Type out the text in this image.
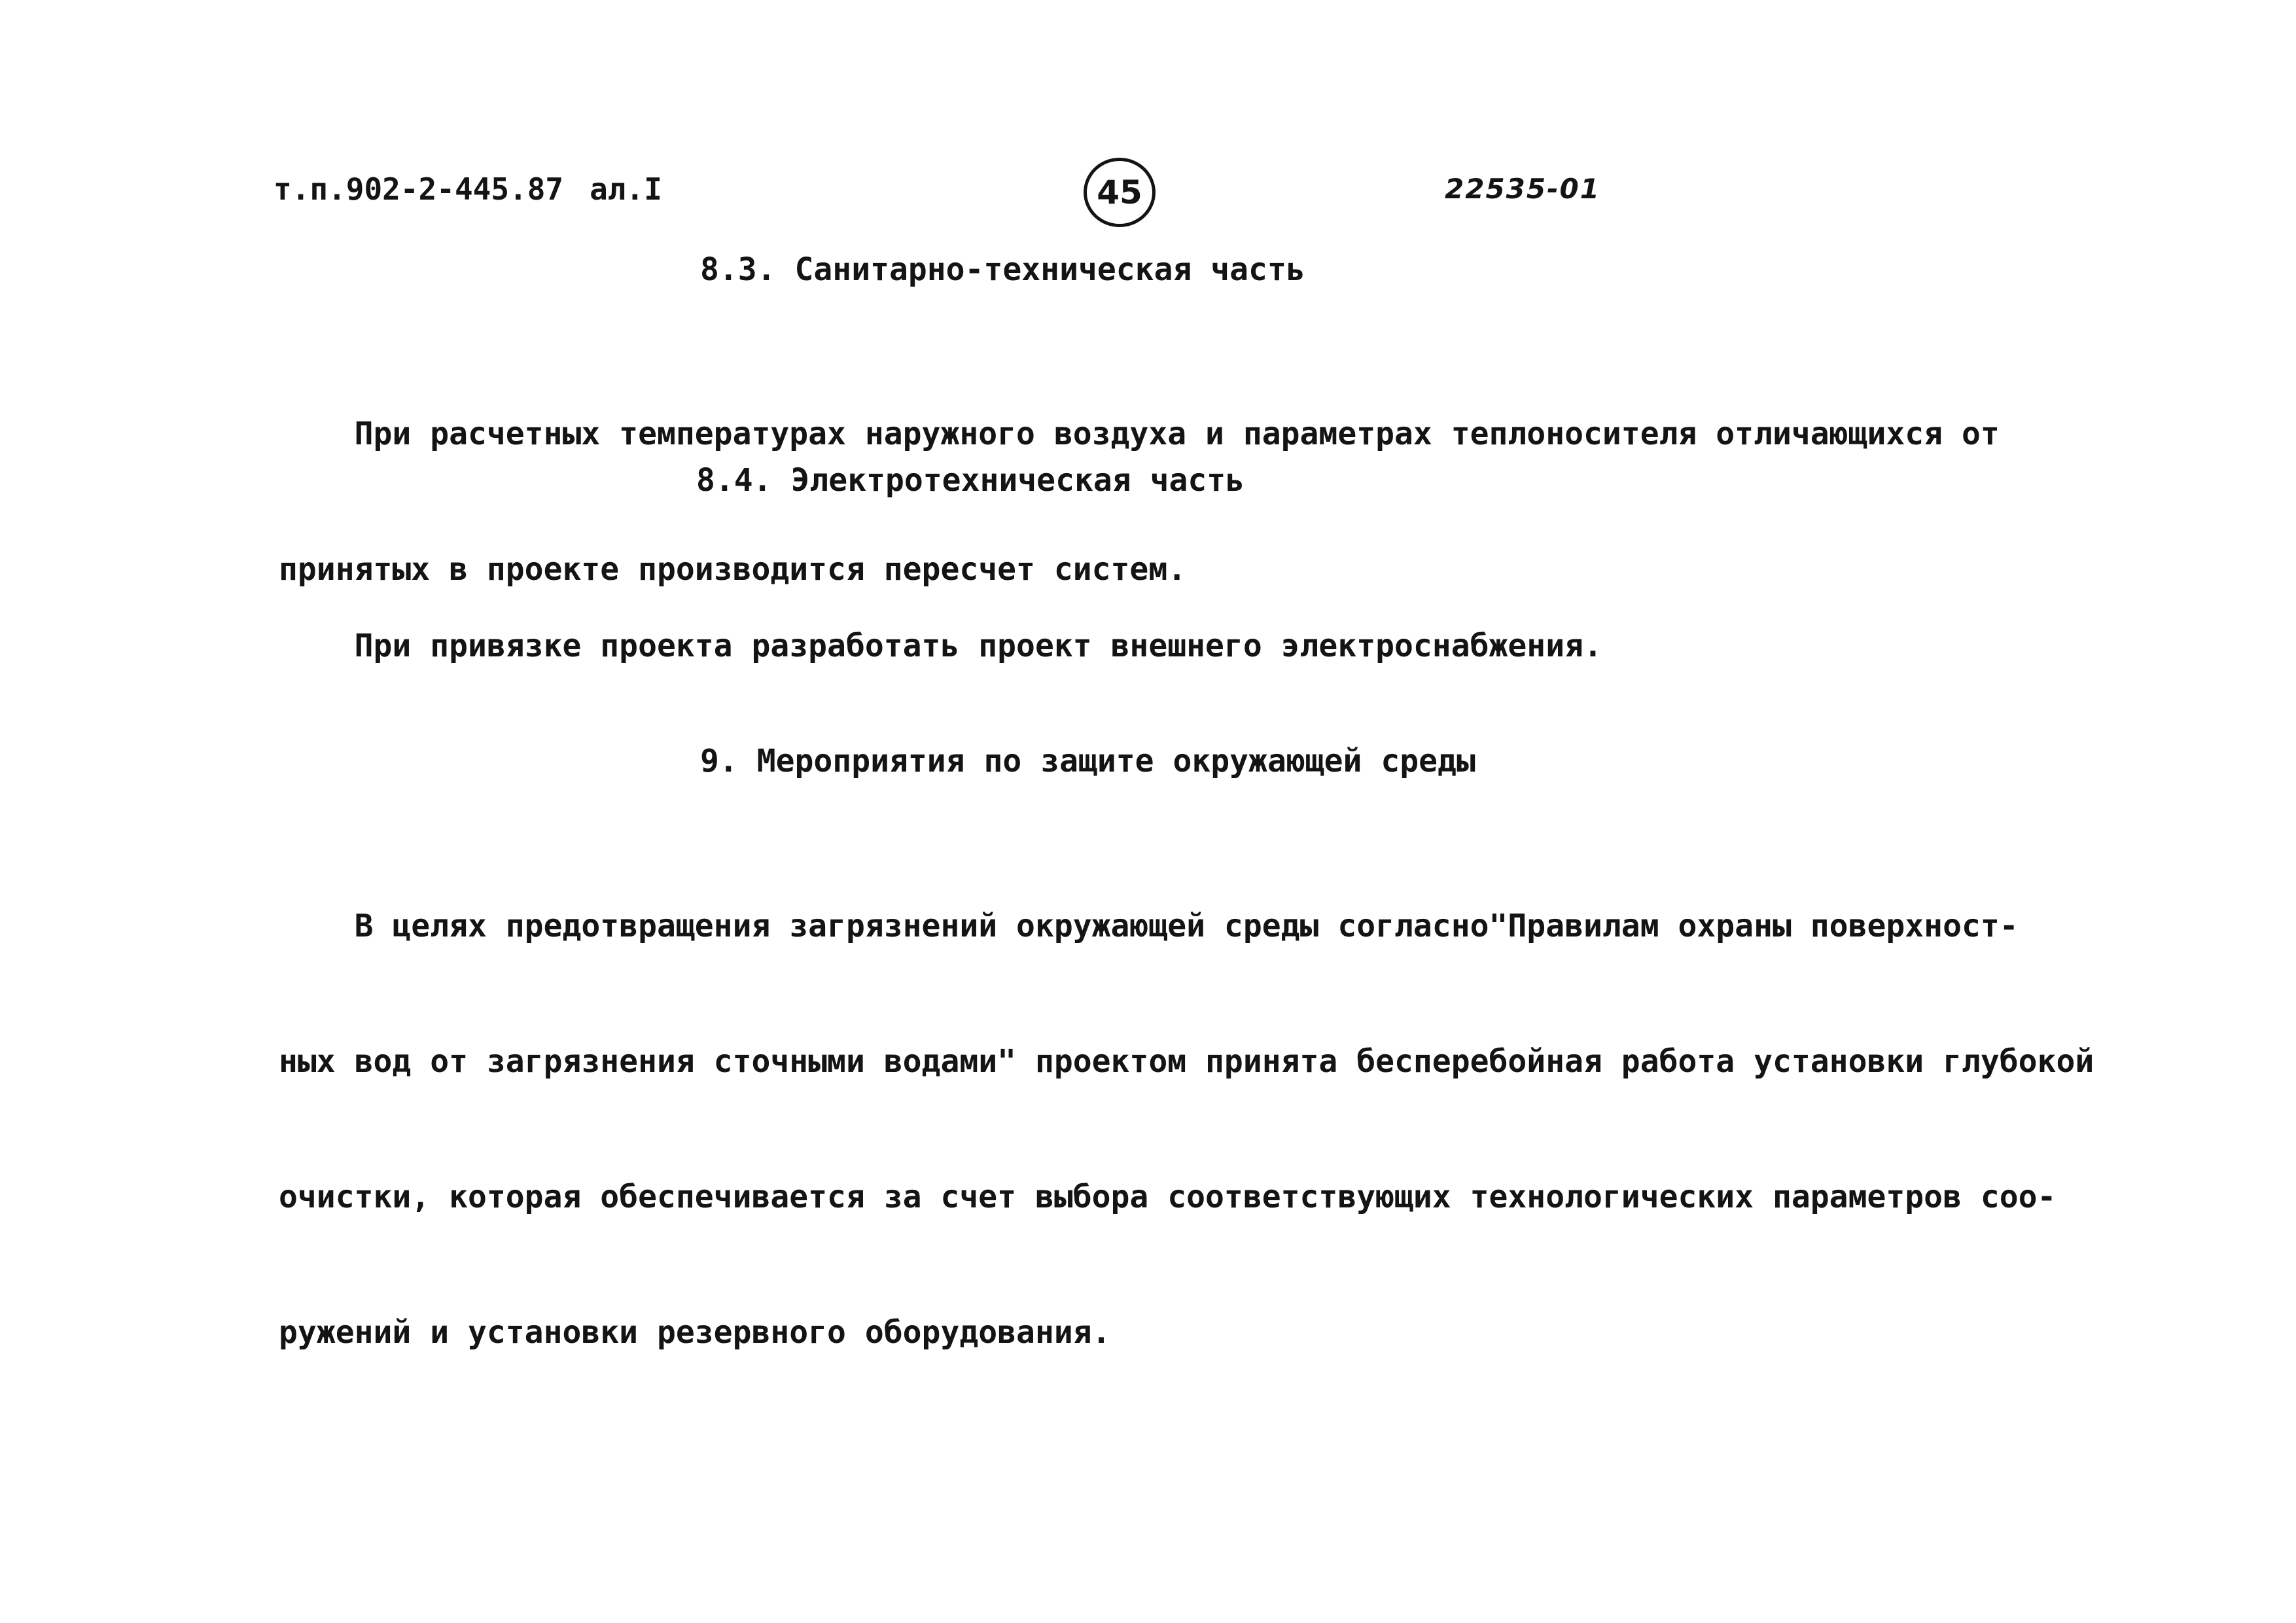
т.п.902-2-445.87 ал.I	45	22535-01
8.3. Санитарно-техническая часть

При расчетных температурах наружного воздуха и параметрах теплоносителя отличающихся от

принятых в проекте производится пересчет систем.

8.4. Электротехническая часть

При привязке проекта разработать проект внешнего электроснабжения.

9. Мероприятия по защите окружающей среды

В целях предотвращения загрязнений окружающей среды согласно"Правилам охраны поверхност-

ных вод от загрязнения сточными водами" проектом принята бесперебойная работа установки глубокой

очистки, которая обеспечивается за счет выбора соответствующих технологических параметров соо-

ружений и установки резервного оборудования.
